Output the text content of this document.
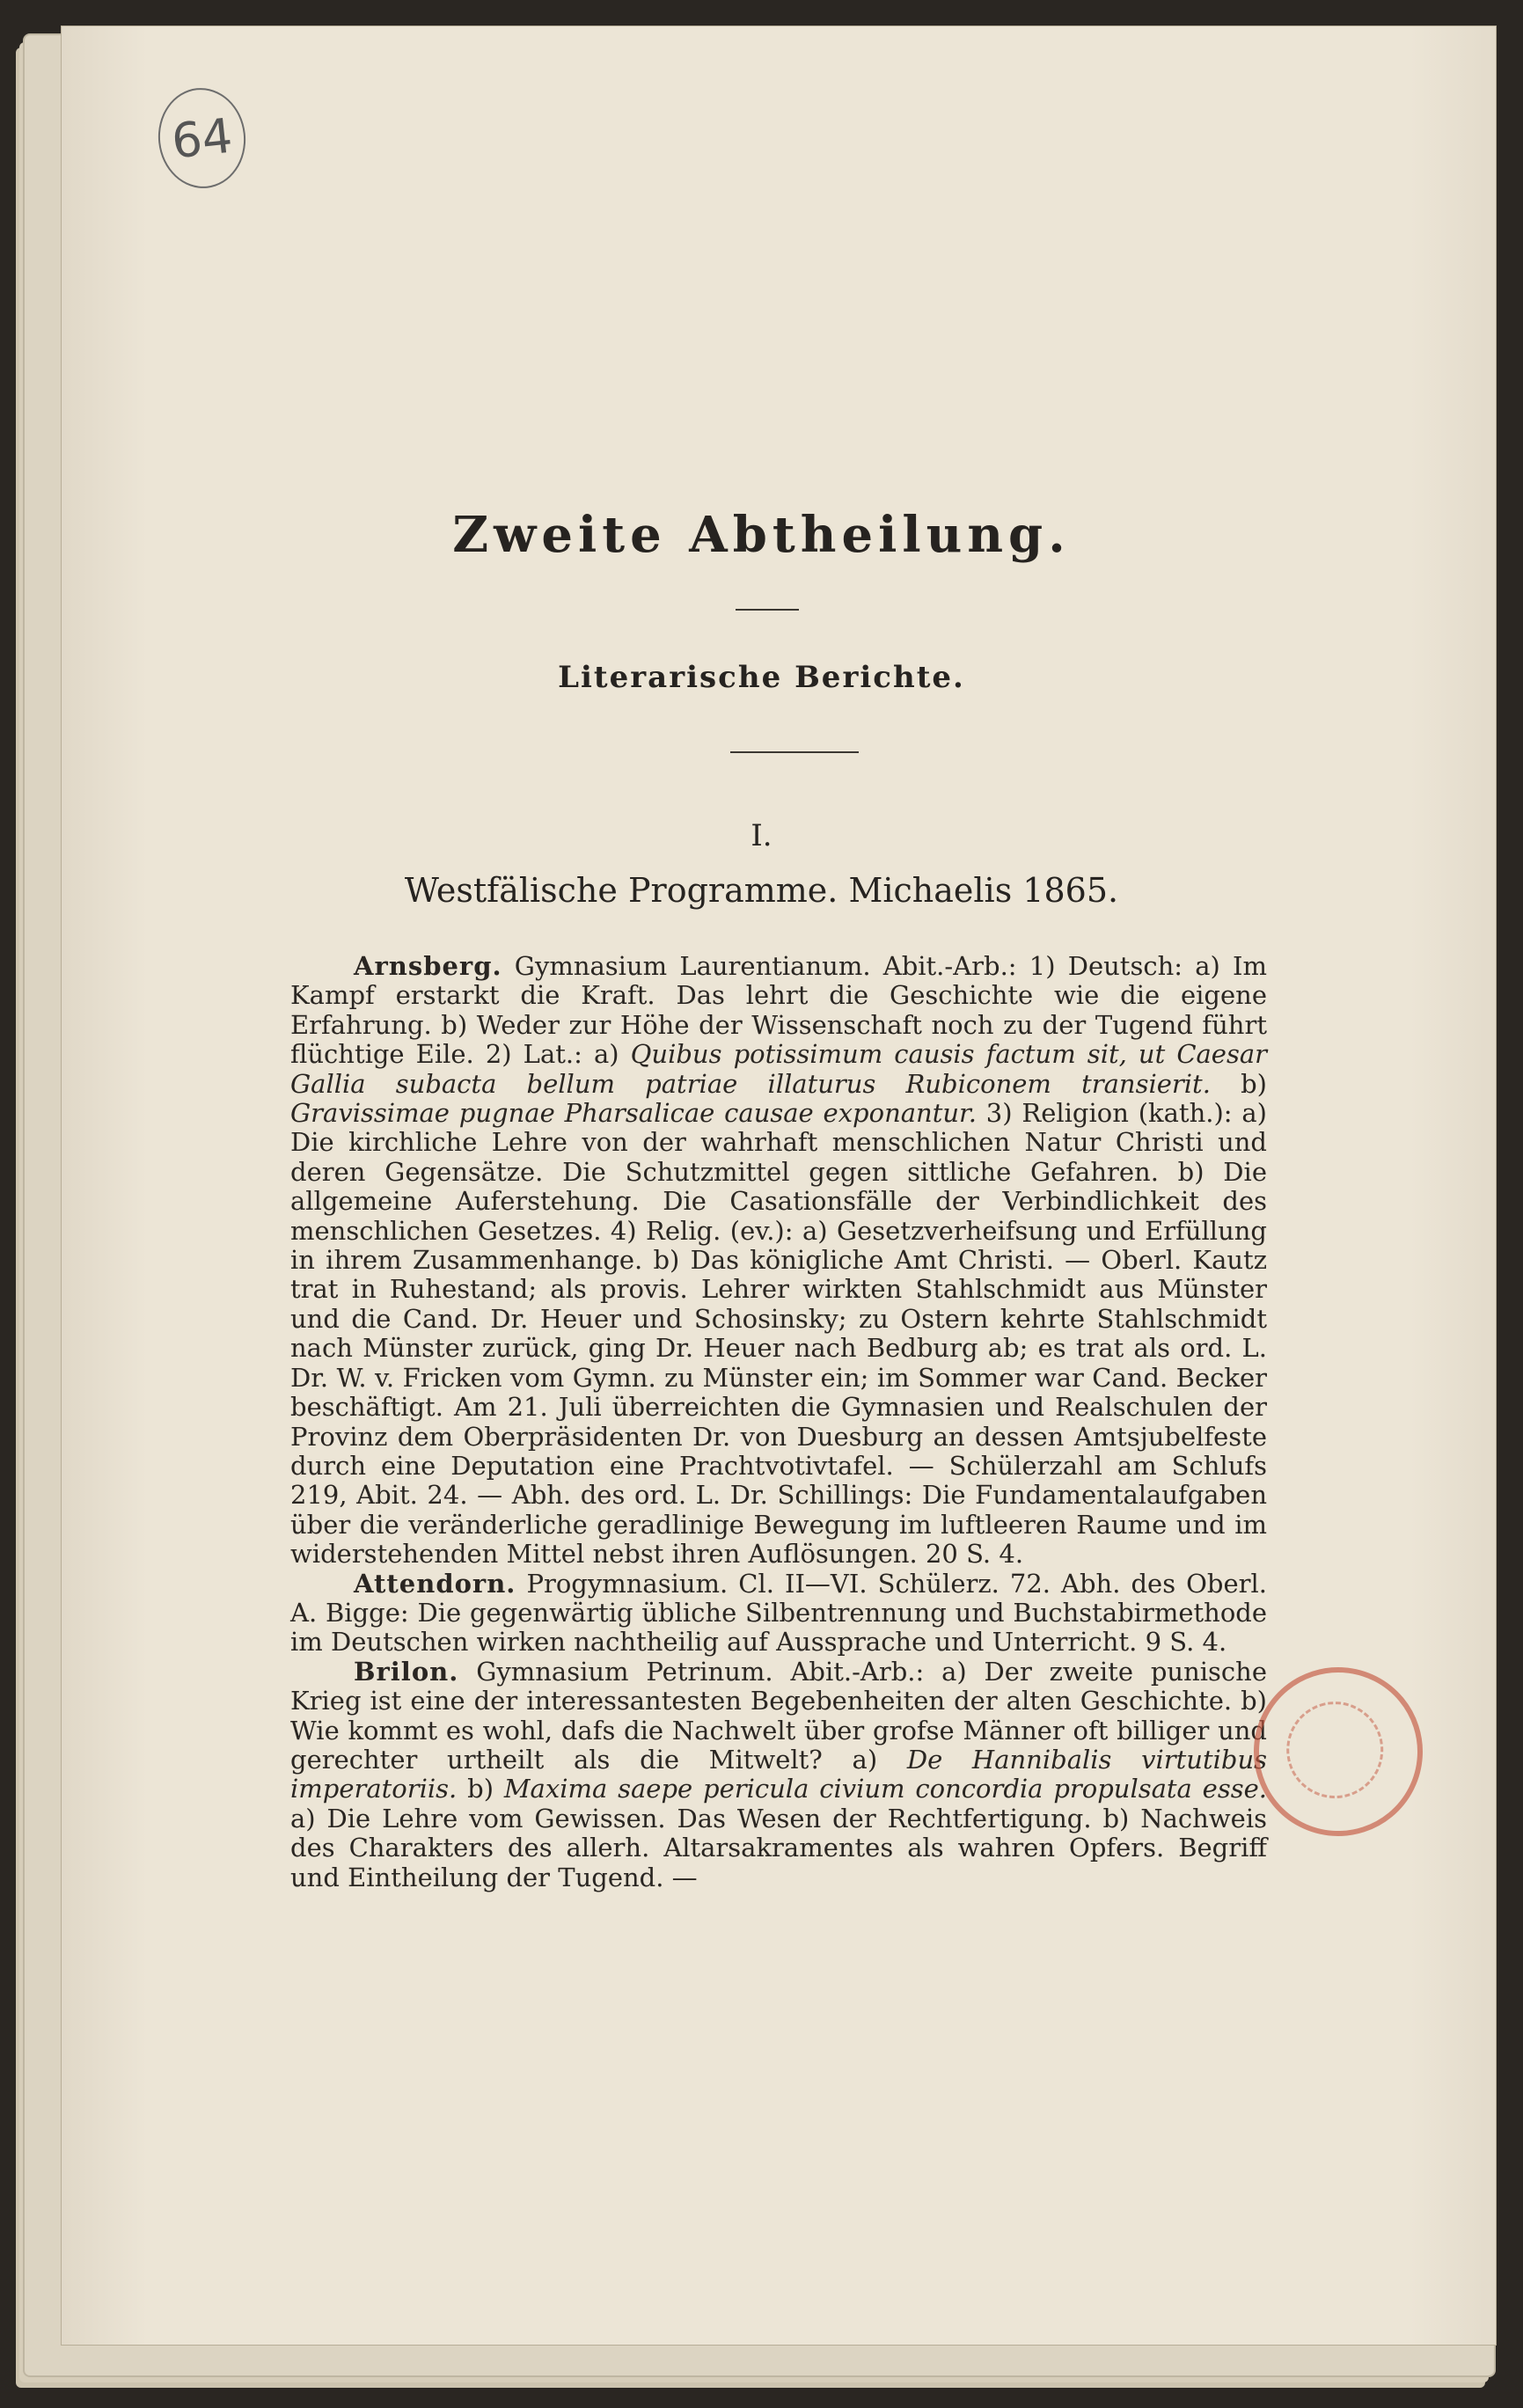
64
Zweite Abtheilung.
Literarische Berichte.
I.
Westfälische Programme. Michaelis 1865.

Arnsberg. Gymnasium Laurentianum. Abit.-Arb.: 1) Deutsch: a) Im Kampf erstarkt die Kraft. Das lehrt die Geschichte wie die eigene Erfahrung. b) Weder zur Höhe der Wissenschaft noch zu der Tugend führt flüchtige Eile. 2) Lat.: a) Quibus potissimum causis factum sit, ut Caesar Gallia subacta bellum patriae illaturus Rubiconem transierit. b) Gravissimae pugnae Pharsalicae causae exponantur. 3) Religion (kath.): a) Die kirchliche Lehre von der wahrhaft menschlichen Natur Christi und deren Gegensätze. Die Schutzmittel gegen sittliche Gefahren. b) Die allgemeine Auferstehung. Die Casationsfälle der Verbindlichkeit des menschlichen Gesetzes. 4) Relig. (ev.): a) Gesetzverheifsung und Erfüllung in ihrem Zusammenhange. b) Das königliche Amt Christi. — Oberl. Kautz trat in Ruhestand; als provis. Lehrer wirkten Stahlschmidt aus Münster und die Cand. Dr. Heuer und Schosinsky; zu Ostern kehrte Stahlschmidt nach Münster zurück, ging Dr. Heuer nach Bedburg ab; es trat als ord. L. Dr. W. v. Fricken vom Gymn. zu Münster ein; im Sommer war Cand. Becker beschäftigt. Am 21. Juli überreichten die Gymnasien und Realschulen der Provinz dem Oberpräsidenten Dr. von Duesburg an dessen Amtsjubelfeste durch eine Deputation eine Prachtvotivtafel. — Schülerzahl am Schlufs 219, Abit. 24. — Abh. des ord. L. Dr. Schillings: Die Fundamentalaufgaben über die veränderliche geradlinige Bewegung im luftleeren Raume und im widerstehenden Mittel nebst ihren Auflösungen. 20 S. 4.

Attendorn. Progymnasium. Cl. II—VI. Schülerz. 72. Abh. des Oberl. A. Bigge: Die gegenwärtig übliche Silbentrennung und Buchstabirmethode im Deutschen wirken nachtheilig auf Aussprache und Unterricht. 9 S. 4.

Brilon. Gymnasium Petrinum. Abit.-Arb.: a) Der zweite punische Krieg ist eine der interessantesten Begebenheiten der alten Geschichte. b) Wie kommt es wohl, dafs die Nachwelt über grofse Männer oft billiger und gerechter urtheilt als die Mitwelt? a) De Hannibalis virtutibus imperatoriis. b) Maxima saepe pericula civium concordia propulsata esse. a) Die Lehre vom Gewissen. Das Wesen der Rechtfertigung. b) Nachweis des Charakters des allerh. Altarsakramentes als wahren Opfers. Begriff und Eintheilung der Tugend. —
